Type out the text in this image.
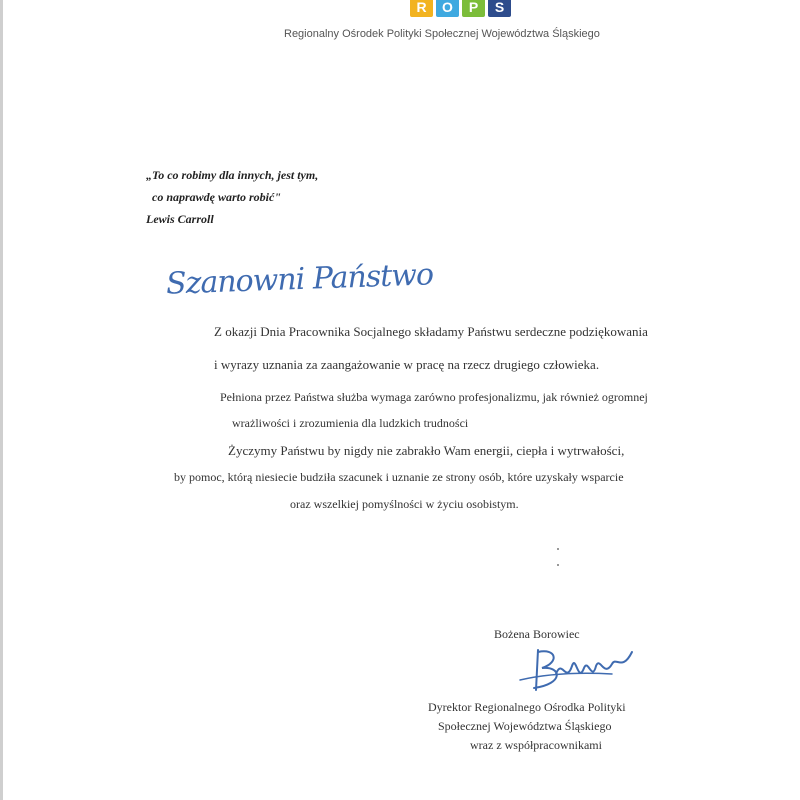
R	O	P	S
Regionalny Ośrodek Polityki Społecznej Województwa Śląskiego
„To co robimy dla innych, jest tym,
co naprawdę warto robić"
Lewis Carroll
Szanowni Państwo
Z okazji Dnia Pracownika Socjalnego składamy Państwu serdeczne podziękowania
i wyrazy uznania za zaangażowanie w pracę na rzecz drugiego człowieka.
Pełniona przez Państwa służba wymaga zarówno profesjonalizmu, jak również ogromnej
wrażliwości i zrozumienia dla ludzkich trudności
Życzymy Państwu by nigdy nie zabrakło Wam energii, ciepła i wytrwałości,
by pomoc, którą niesiecie budziła szacunek i uznanie ze strony osób, które uzyskały wsparcie
oraz wszelkiej pomyślności w życiu osobistym.
Bożena Borowiec
Dyrektor Regionalnego Ośrodka Polityki
Społecznej Województwa Śląskiego
wraz z współpracownikami
